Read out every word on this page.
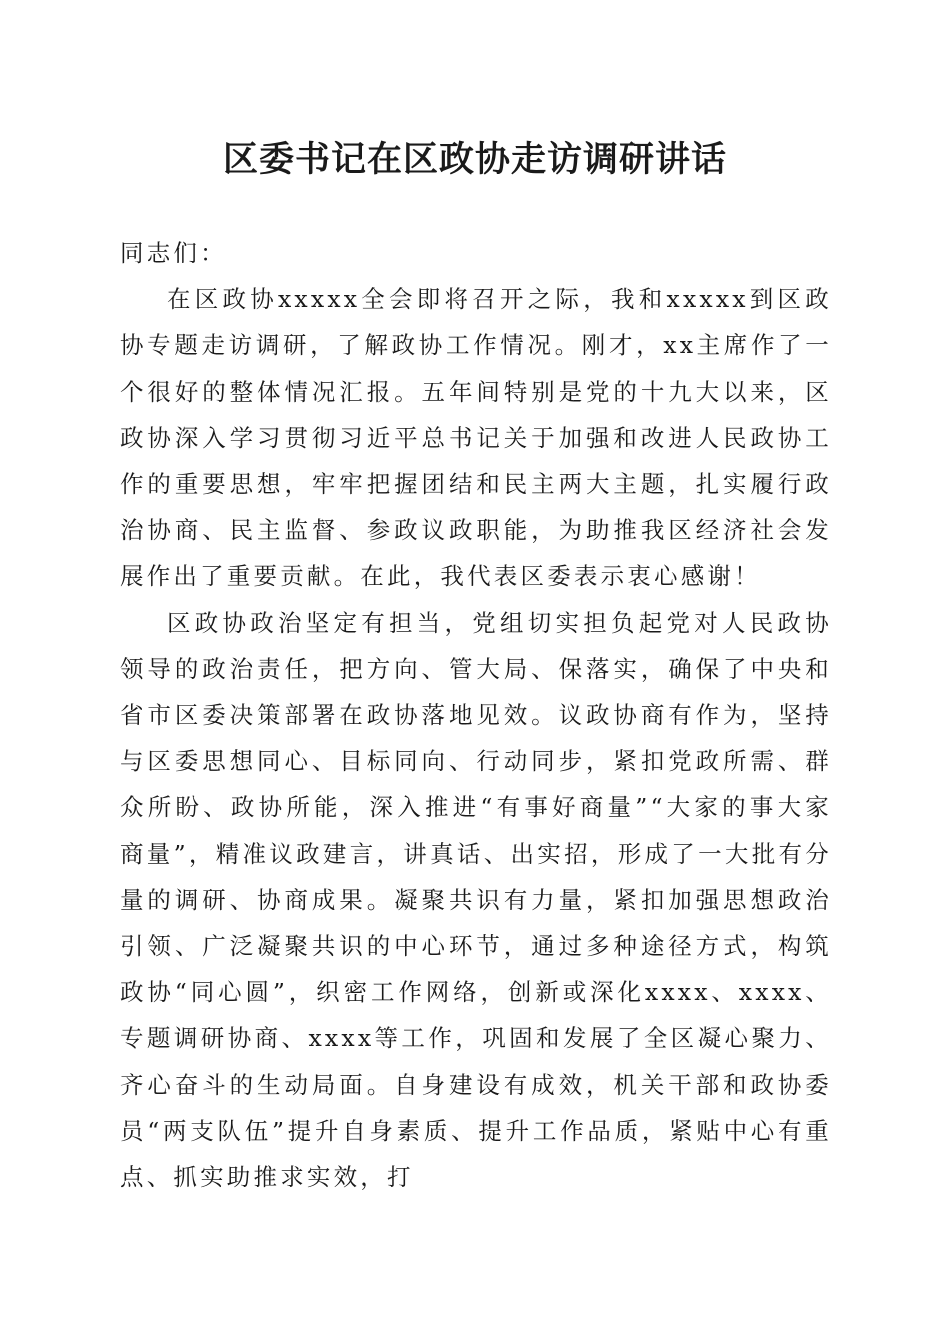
区委书记在区政协走访调研讲话

同志们：

在区政协xxxxx全会即将召开之际，我和xxxxx到区政协专题走访调研，了解政协工作情况。刚才，xx主席作了一个很好的整体情况汇报。五年间特别是党的十九大以来，区政协深入学习贯彻习近平总书记关于加强和改进人民政协工作的重要思想，牢牢把握团结和民主两大主题，扎实履行政治协商、民主监督、参政议政职能，为助推我区经济社会发展作出了重要贡献。在此，我代表区委表示衷心感谢！

区政协政治坚定有担当，党组切实担负起党对人民政协领导的政治责任，把方向、管大局、保落实，确保了中央和省市区委决策部署在政协落地见效。议政协商有作为，坚持与区委思想同心、目标同向、行动同步，紧扣党政所需、群众所盼、政协所能，深入推进“有事好商量”“大家的事大家商量”，精准议政建言，讲真话、出实招，形成了一大批有分量的调研、协商成果。凝聚共识有力量，紧扣加强思想政治引领、广泛凝聚共识的中心环节，通过多种途径方式，构筑政协“同心圆”，织密工作网络，创新或深化xxxx、xxxx、专题调研协商、xxxx等工作，巩固和发展了全区凝心聚力、齐心奋斗的生动局面。自身建设有成效，机关干部和政协委员“两支队伍”提升自身素质、提升工作品质，紧贴中心有重点、抓实助推求实效，打
